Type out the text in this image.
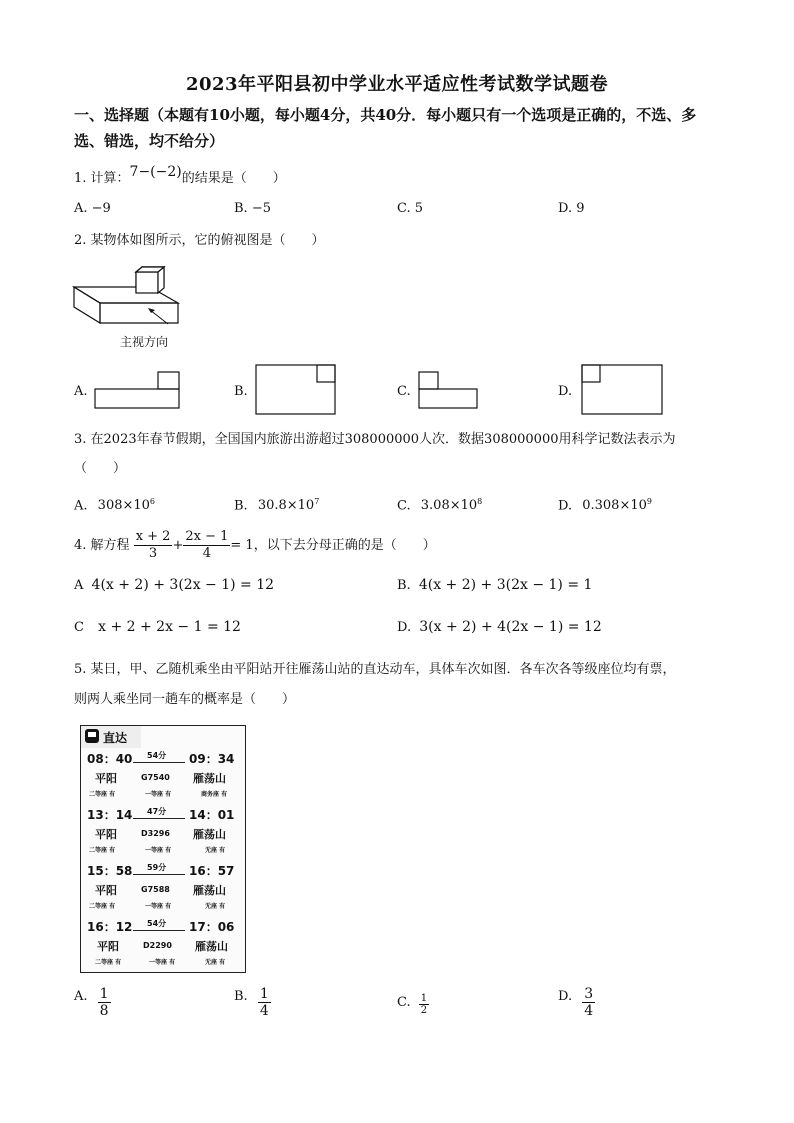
2023年平阳县初中学业水平适应性考试数学试题卷
一、选择题（本题有10小题，每小题4分，共40分．每小题只有一个选项是正确的，不选、多选、错选，均不给分）
1. 计算：7−(−2)的结果是（　　）
A. −9	B. −5	C. 5	D. 9
2. 某物体如图所示，它的俯视图是（　　）
主视方向
A.	B.	C.	D.
3. 在2023年春节假期，全国国内旅游出游超过308000000人次．数据308000000用科学记数法表示为
（　　）
A. $308\times 10^6$	B. $30.8\times 10^7$	C. $3.08\times 10^8$	D. $0.308\times 10^9$
4. 解方程 $\frac{x + 2}{3} + \frac{2x - 1}{4} = 1$，以下去分母正确的是（　　）
A 4(x + 2) + 3(2x − 1) = 12	B. 4(x + 2) + 3(2x − 1) = 1
C x + 2 + 2x − 1 = 12	D. 3(x + 2) + 4(2x − 1) = 12
5. 某日，甲、乙随机乘坐由平阳站开往雁荡山站的直达动车，具体车次如图．各车次各等级座位均有票，
则两人乘坐同一趟车的概率是（　　）
直达
08：40 54分 09：34
平阳	G7540 雁荡山
二等座 有	一等座 有	商务座 有
13：14 47分 14：01
平阳	D3296 雁荡山
二等座 有	一等座 有	无座 有
15：58 59分 16：57
平阳	G7588 雁荡山
二等座 有	一等座 有	无座 有
16：12 54分 17：06
平阳	D2290 雁荡山
二等座 有	一等座 有	无座 有
A. $\frac{1}{8}$	B. $\frac{1}{4}$	C. $\frac{1}{2}$	D. $\frac{3}{4}$
